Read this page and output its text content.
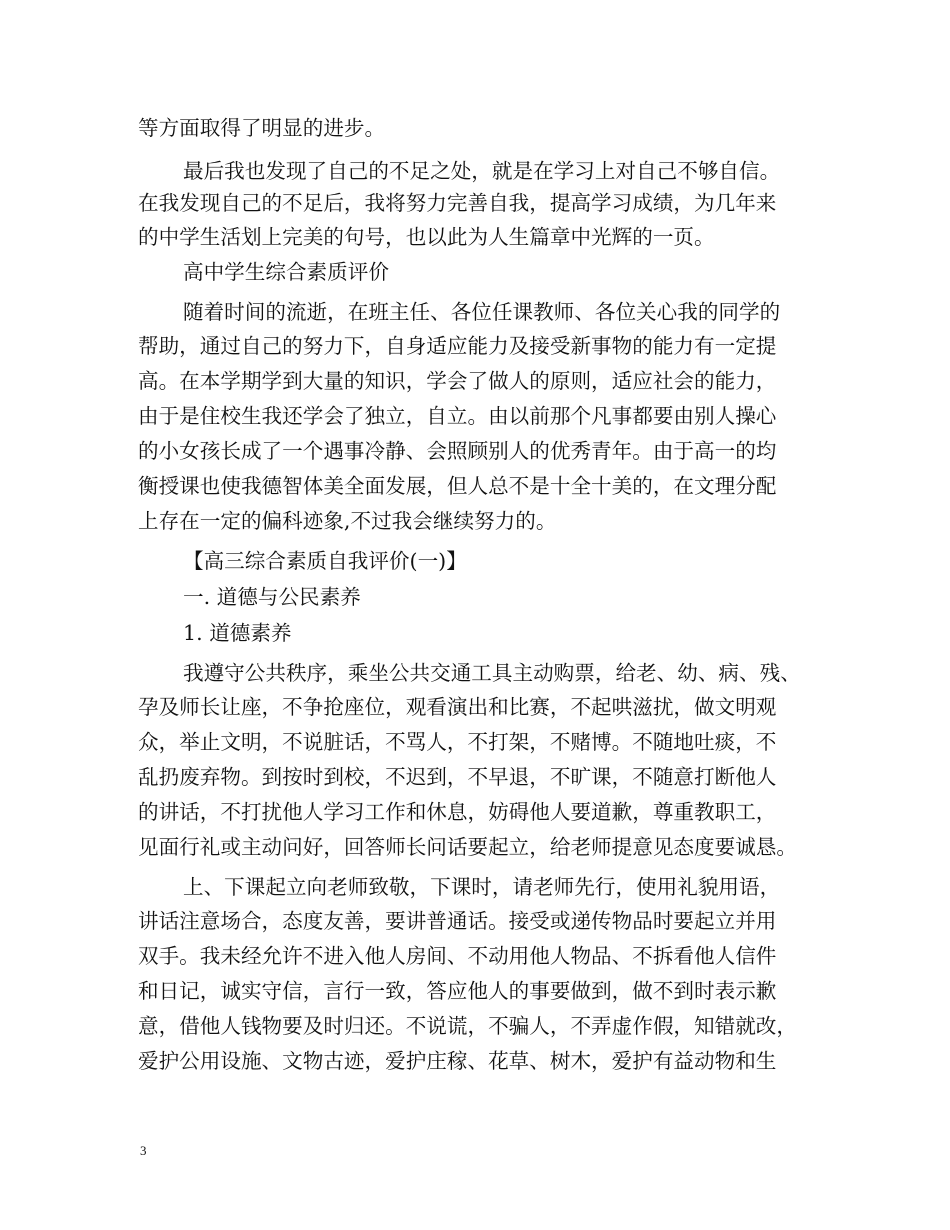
等方面取得了明显的进步。
最后我也发现了自己的不足之处，就是在学习上对自己不够自信。
在我发现自己的不足后，我将努力完善自我，提高学习成绩，为几年来
的中学生活划上完美的句号，也以此为人生篇章中光辉的一页。
高中学生综合素质评价
随着时间的流逝，在班主任、各位任课教师、各位关心我的同学的
帮助，通过自己的努力下，自身适应能力及接受新事物的能力有一定提
高。在本学期学到大量的知识，学会了做人的原则，适应社会的能力，
由于是住校生我还学会了独立，自立。由以前那个凡事都要由别人操心
的小女孩长成了一个遇事冷静、会照顾别人的优秀青年。由于高一的均
衡授课也使我德智体美全面发展，但人总不是十全十美的，在文理分配
上存在一定的偏科迹象,不过我会继续努力的。
【高三综合素质自我评价(一)】
一. 道德与公民素养
1. 道德素养
我遵守公共秩序，乘坐公共交通工具主动购票，给老、幼、病、残、
孕及师长让座，不争抢座位，观看演出和比赛，不起哄滋扰，做文明观
众，举止文明，不说脏话，不骂人，不打架，不赌博。不随地吐痰，不
乱扔废弃物。到按时到校，不迟到，不早退，不旷课，不随意打断他人
的讲话，不打扰他人学习工作和休息，妨碍他人要道歉，尊重教职工，
见面行礼或主动问好，回答师长问话要起立，给老师提意见态度要诚恳。
上、下课起立向老师致敬，下课时，请老师先行，使用礼貌用语，
讲话注意场合，态度友善，要讲普通话。接受或递传物品时要起立并用
双手。我未经允许不进入他人房间、不动用他人物品、不拆看他人信件
和日记，诚实守信，言行一致，答应他人的事要做到，做不到时表示歉
意，借他人钱物要及时归还。不说谎，不骗人，不弄虚作假，知错就改，
爱护公用设施、文物古迹，爱护庄稼、花草、树木，爱护有益动物和生
3
